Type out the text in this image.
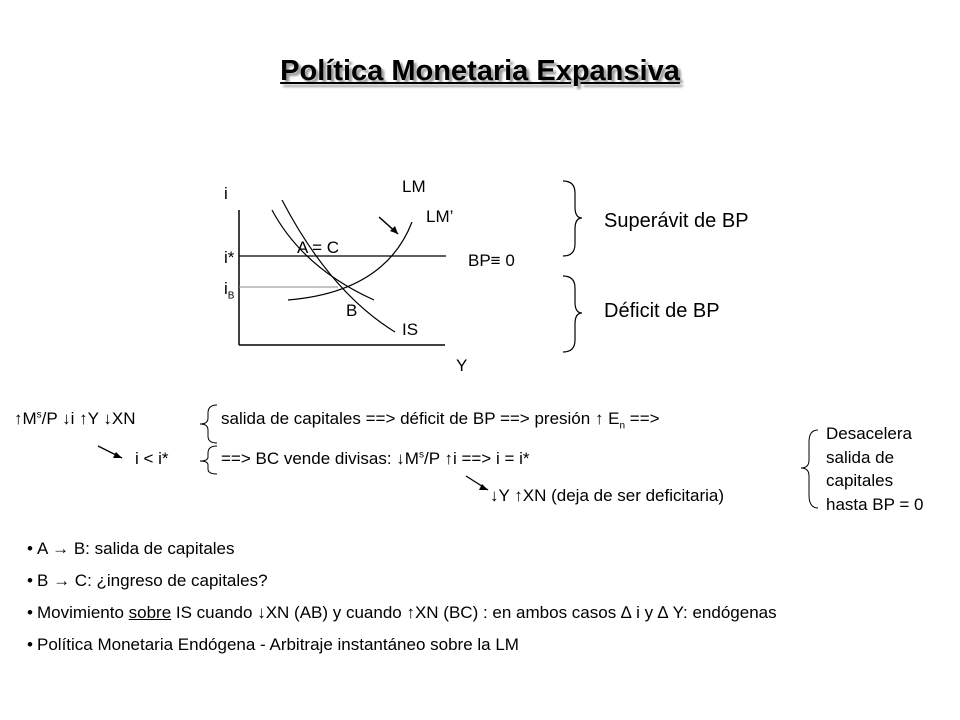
Política Monetaria Expansiva
i
Y
LM
LM’
IS
BP≡ 0
A = C
B
i*
$i_B$
Superávit de BP
Déficit de BP
$↑M^s/P$ ↓i ↑Y ↓XN	salida de capitales ==> déficit de BP ==> presión ↑ $E_n$ ==>
i < i*	==> BC vende divisas: $↓M^s/P$ ↑i ==> i = i*
↓Y ↑XN (deja de ser deficitaria)
Desacelera
salida de
capitales
hasta BP = 0
• A → B: salida de capitales
• B → C: ¿ingreso de capitales?
• Movimiento sobre IS cuando ↓XN (AB) y cuando ↑XN (BC) : en ambos casos ∆ i y ∆ Y: endógenas
• Política Monetaria Endógena - Arbitraje instantáneo sobre la LM
